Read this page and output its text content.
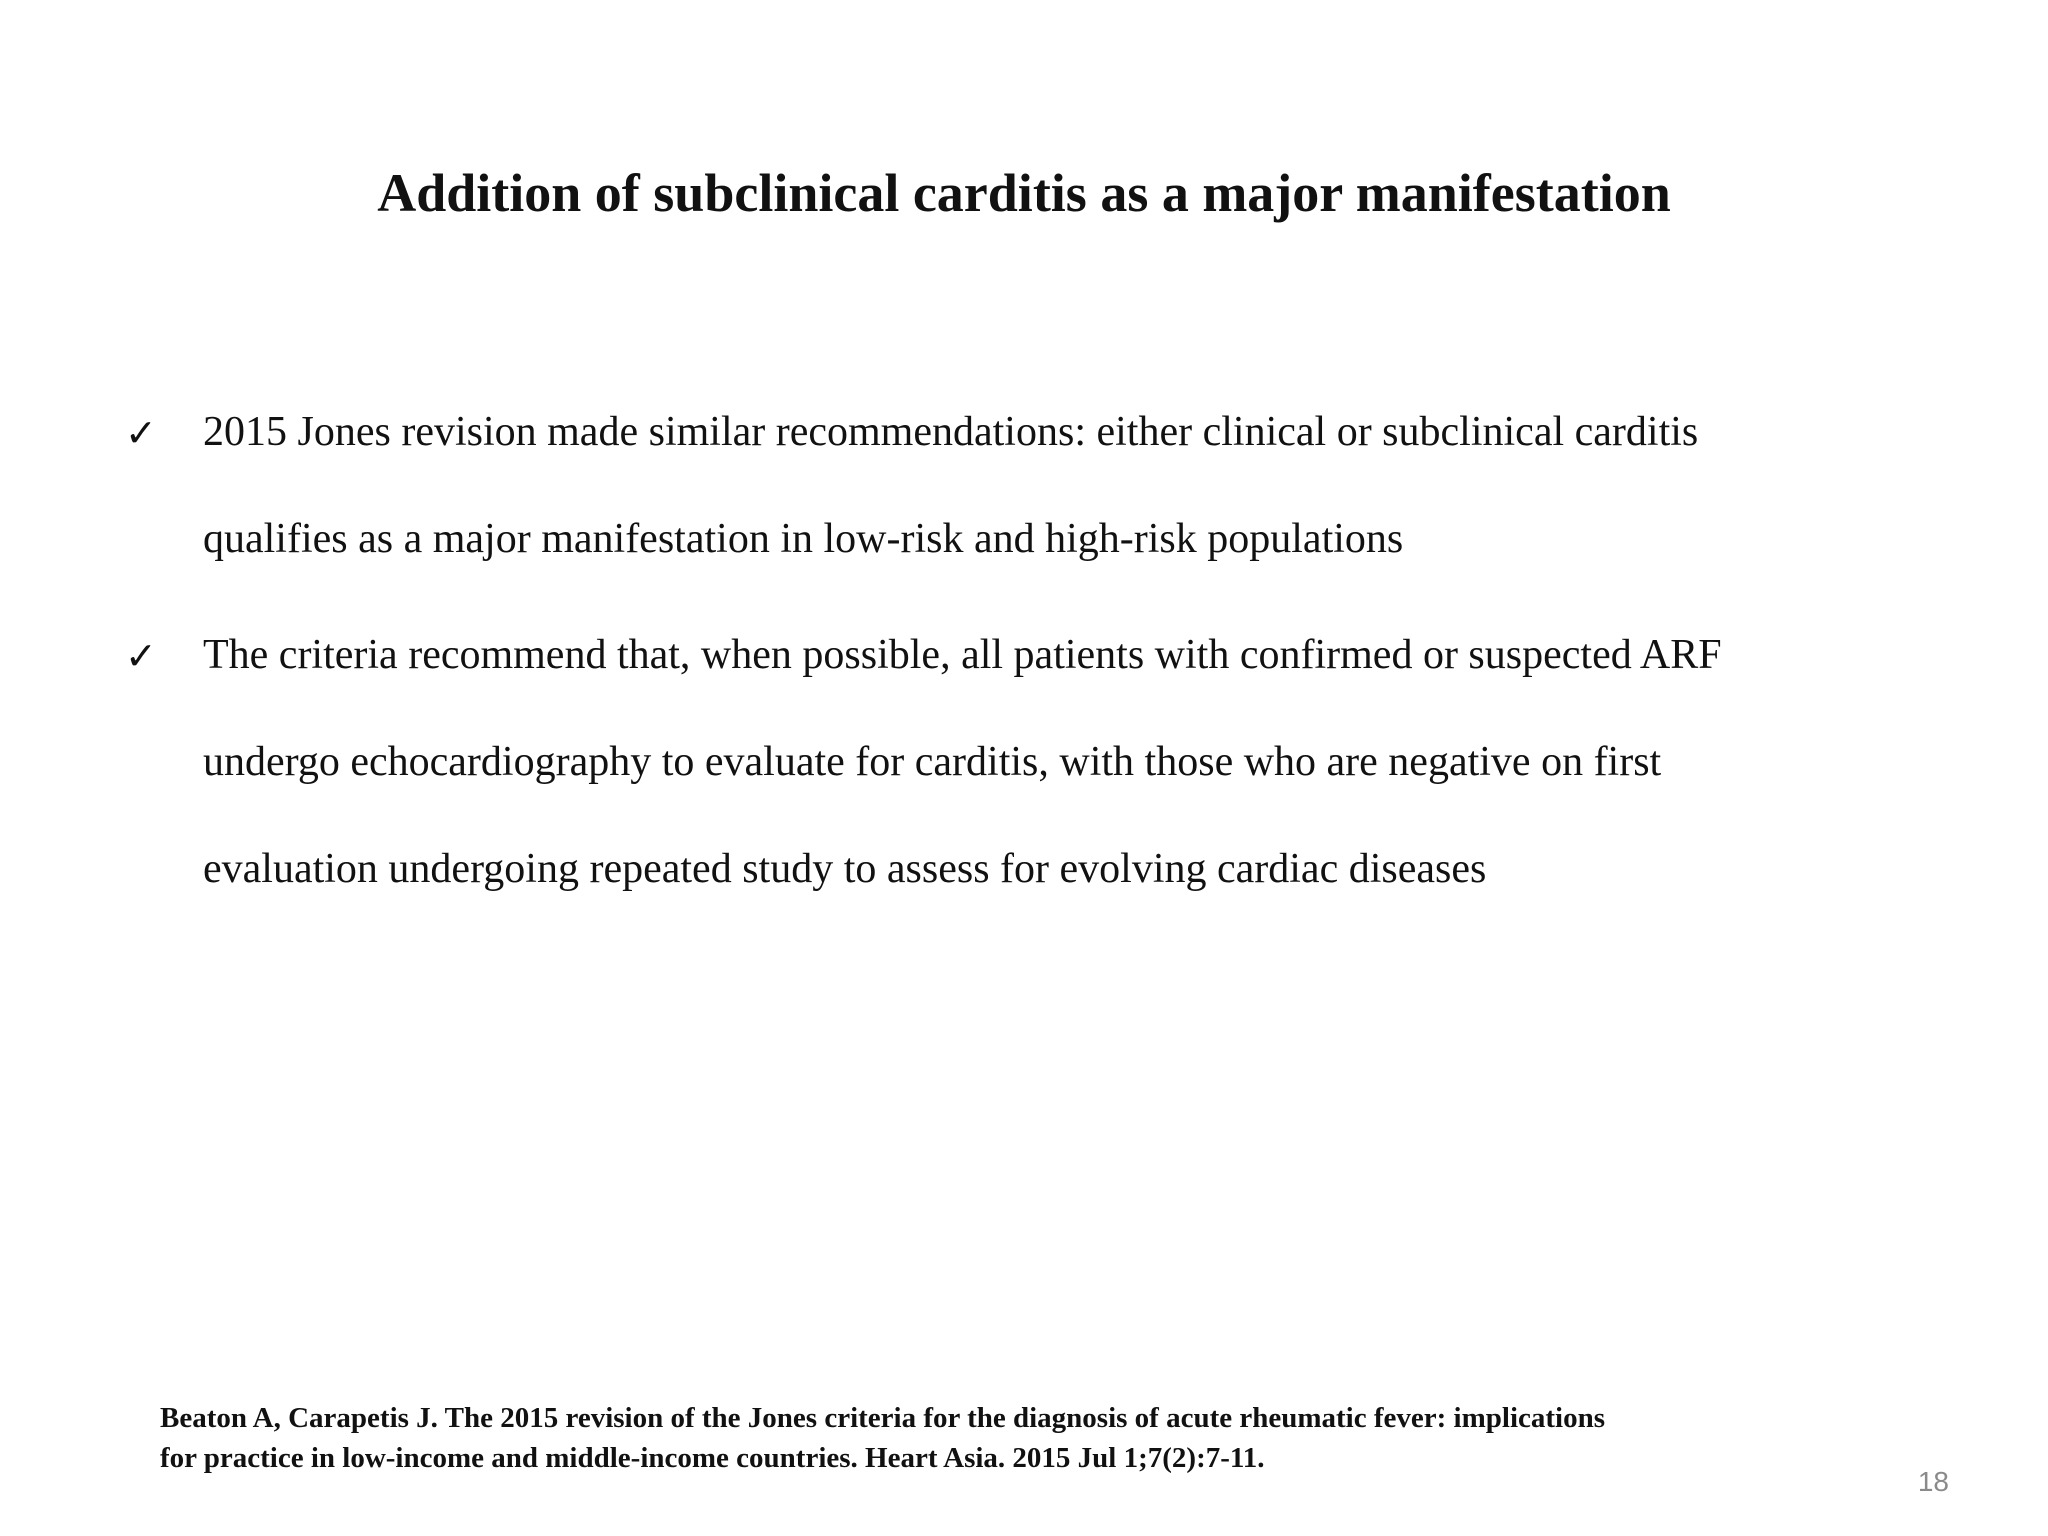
Addition of subclinical carditis as a major manifestation
✓ 2015 Jones revision made similar recommendations: either clinical or subclinical carditis
qualifies as a major manifestation in low-risk and high-risk populations
✓ The criteria recommend that, when possible, all patients with confirmed or suspected ARF
undergo echocardiography to evaluate for carditis, with those who are negative on first
evaluation undergoing repeated study to assess for evolving cardiac diseases
Beaton A, Carapetis J. The 2015 revision of the Jones criteria for the diagnosis of acute rheumatic fever: implications
for practice in low-income and middle-income countries. Heart Asia. 2015 Jul 1;7(2):7-11.
18
